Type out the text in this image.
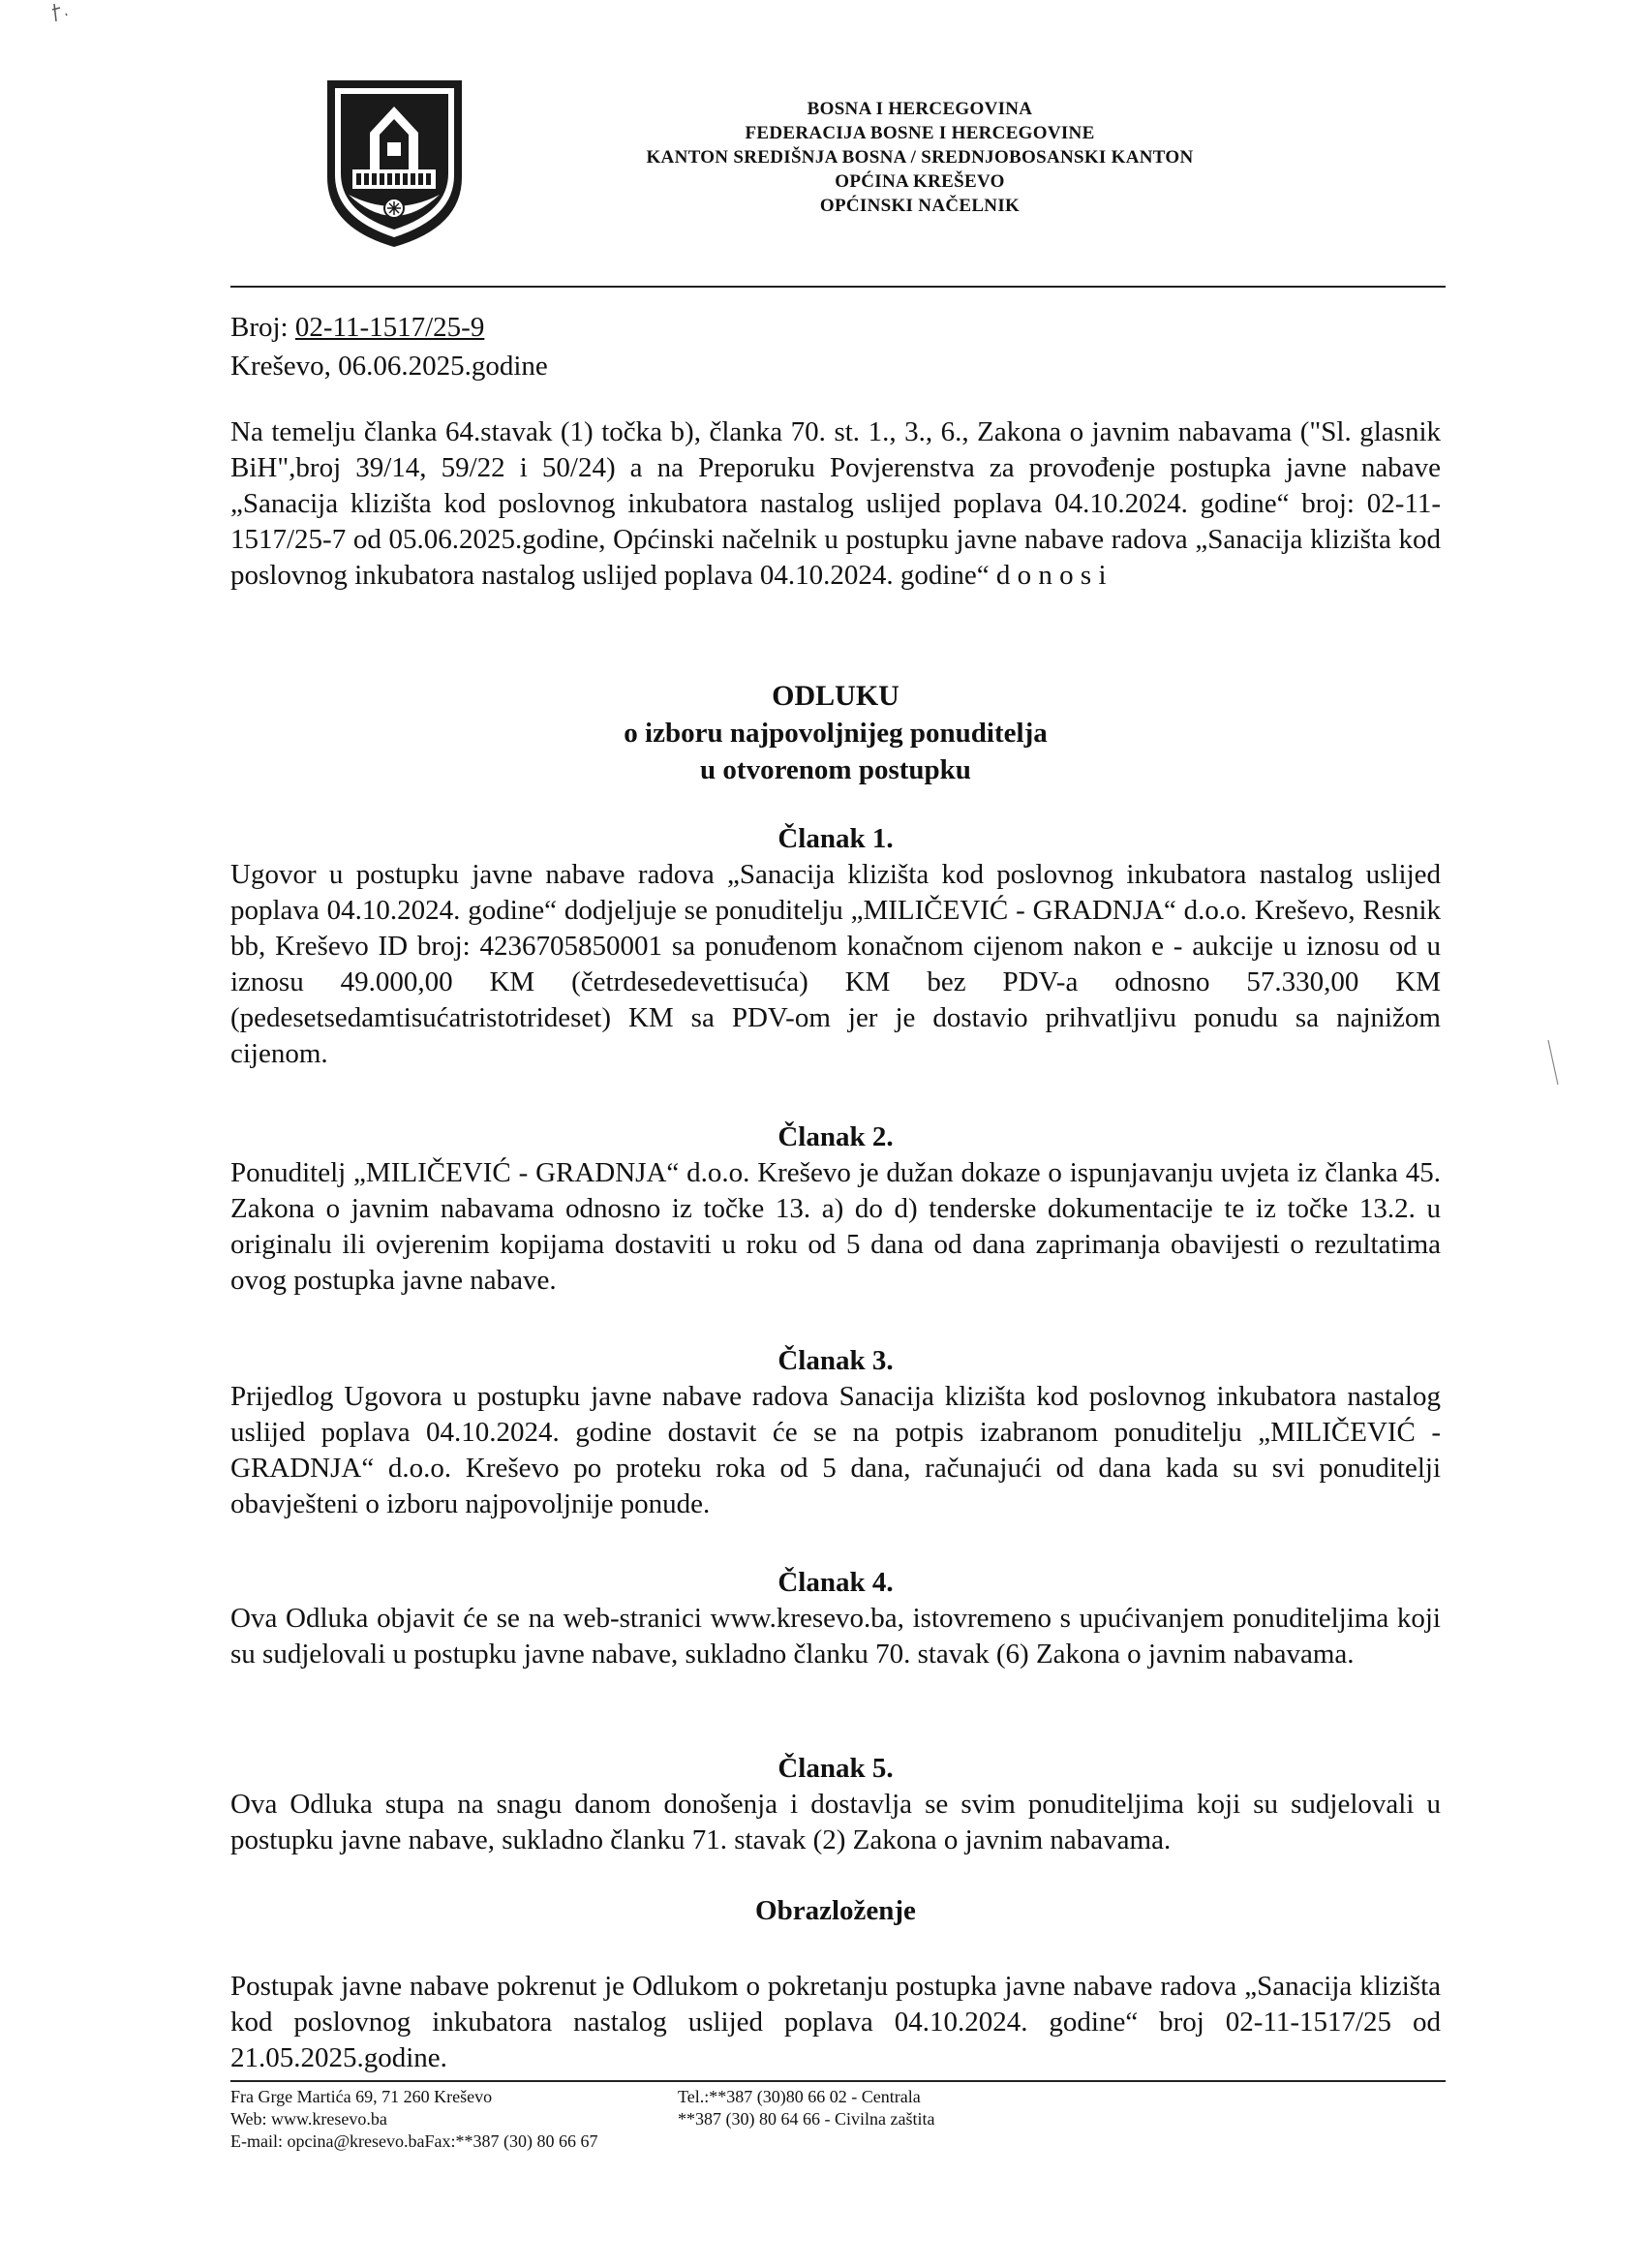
BOSNA I HERCEGOVINA
FEDERACIJA BOSNE I HERCEGOVINE
KANTON SREDIŠNJA BOSNA / SREDNJOBOSANSKI KANTON
OPĆINA KREŠEVO
OPĆINSKI NAČELNIK
Broj: 02-11-1517/25-9
Kreševo, 06.06.2025.godine
Na temelju članka 64.stavak (1) točka b), članka 70. st. 1., 3., 6., Zakona o javnim nabavama ("Sl. glasnik BiH",broj 39/14, 59/22 i 50/24) a na Preporuku Povjerenstva za provođenje postupka javne nabave „Sanacija klizišta kod poslovnog inkubatora nastalog uslijed poplava 04.10.2024. godine“ broj: 02-11-1517/25-7 od 05.06.2025.godine, Općinski načelnik u postupku javne nabave radova „Sanacija klizišta kod poslovnog inkubatora nastalog uslijed poplava 04.10.2024. godine“ d o n o s i
ODLUKU
o izboru najpovoljnijeg ponuditelja
u otvorenom postupku
Članak 1.
Ugovor u postupku javne nabave radova „Sanacija klizišta kod poslovnog inkubatora nastalog uslijed poplava 04.10.2024. godine“ dodjeljuje se ponuditelju „MILIČEVIĆ - GRADNJA“ d.o.o. Kreševo, Resnik bb, Kreševo ID broj: 4236705850001 sa ponuđenom konačnom cijenom nakon e - aukcije u iznosu od u iznosu 49.000,00 KM (četrdesedevettisuća) KM bez PDV-a odnosno 57.330,00 KM (pedesetsedamtisućatristotrideset) KM sa PDV-om jer je dostavio prihvatljivu ponudu sa najnižom cijenom.
Članak 2.
Ponuditelj „MILIČEVIĆ - GRADNJA“ d.o.o. Kreševo je dužan dokaze o ispunjavanju uvjeta iz članka 45. Zakona o javnim nabavama odnosno iz točke 13. a) do d) tenderske dokumentacije te iz točke 13.2. u originalu ili ovjerenim kopijama dostaviti u roku od 5 dana od dana zaprimanja obavijesti o rezultatima ovog postupka javne nabave.
Članak 3.
Prijedlog Ugovora u postupku javne nabave radova Sanacija klizišta kod poslovnog inkubatora nastalog uslijed poplava 04.10.2024. godine dostavit će se na potpis izabranom ponuditelju „MILIČEVIĆ - GRADNJA“ d.o.o. Kreševo po proteku roka od 5 dana, računajući od dana kada su svi ponuditelji obavješteni o izboru najpovoljnije ponude.
Članak 4.
Ova Odluka objavit će se na web-stranici www.kresevo.ba, istovremeno s upućivanjem ponuditeljima koji su sudjelovali u postupku javne nabave, sukladno članku 70. stavak (6) Zakona o javnim nabavama.
Članak 5.
Ova Odluka stupa na snagu danom donošenja i dostavlja se svim ponuditeljima koji su sudjelovali u postupku javne nabave, sukladno članku 71. stavak (2) Zakona o javnim nabavama.
Obrazloženje
Postupak javne nabave pokrenut je Odlukom o pokretanju postupka javne nabave radova „Sanacija klizišta kod poslovnog inkubatora nastalog uslijed poplava 04.10.2024. godine“ broj 02-11-1517/25 od 21.05.2025.godine.
Fra Grge Martića 69, 71 260 Kreševo
Web: www.kresevo.ba
E-mail: opcina@kresevo.baFax:**387 (30) 80 66 67
Tel.:**387 (30)80 66 02 - Centrala
**387 (30) 80 64 66 - Civilna zaštita
